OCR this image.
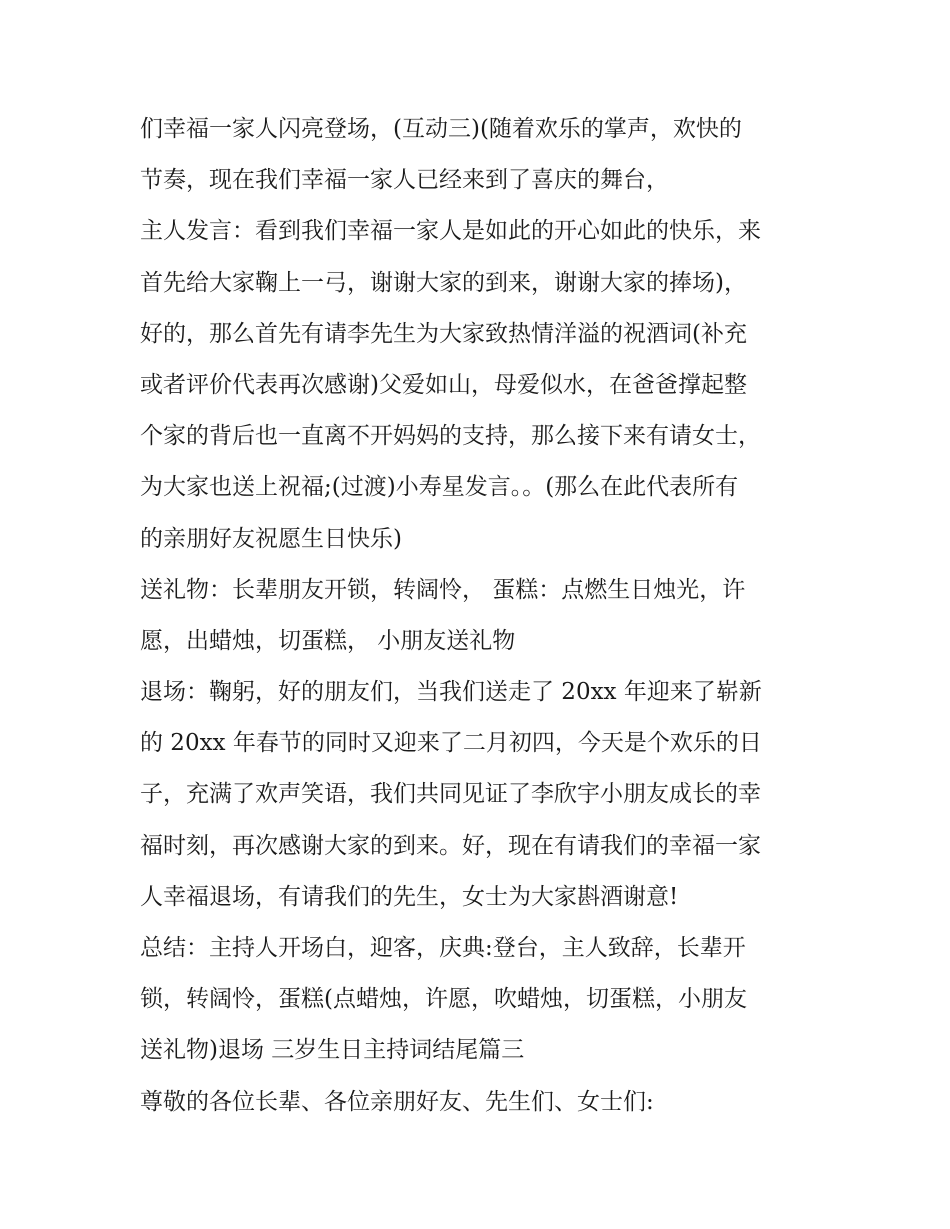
们幸福一家人闪亮登场，(互动三)(随着欢乐的掌声，欢快的
节奏，现在我们幸福一家人已经来到了喜庆的舞台，
主人发言：看到我们幸福一家人是如此的开心如此的快乐，来
首先给大家鞠上一弓，谢谢大家的到来，谢谢大家的捧场)，
好的，那么首先有请李先生为大家致热情洋溢的祝酒词(补充
或者评价代表再次感谢)父爱如山，母爱似水，在爸爸撑起整
个家的背后也一直离不开妈妈的支持，那么接下来有请女士，
为大家也送上祝福;(过渡)小寿星发言。。(那么在此代表所有
的亲朋好友祝愿生日快乐)
送礼物：长辈朋友开锁，转阔怜， 蛋糕：点燃生日烛光，许
愿，出蜡烛，切蛋糕， 小朋友送礼物
退场：鞠躬，好的朋友们，当我们送走了 20xx 年迎来了崭新
的 20xx 年春节的同时又迎来了二月初四，今天是个欢乐的日
子，充满了欢声笑语，我们共同见证了李欣宇小朋友成长的幸
福时刻，再次感谢大家的到来。好，现在有请我们的幸福一家
人幸福退场，有请我们的先生，女士为大家斟酒谢意!
总结：主持人开场白，迎客，庆典:登台，主人致辞，长辈开
锁，转阔怜，蛋糕(点蜡烛，许愿，吹蜡烛，切蛋糕，小朋友
送礼物)退场 三岁生日主持词结尾篇三
尊敬的各位长辈、各位亲朋好友、先生们、女士们:
